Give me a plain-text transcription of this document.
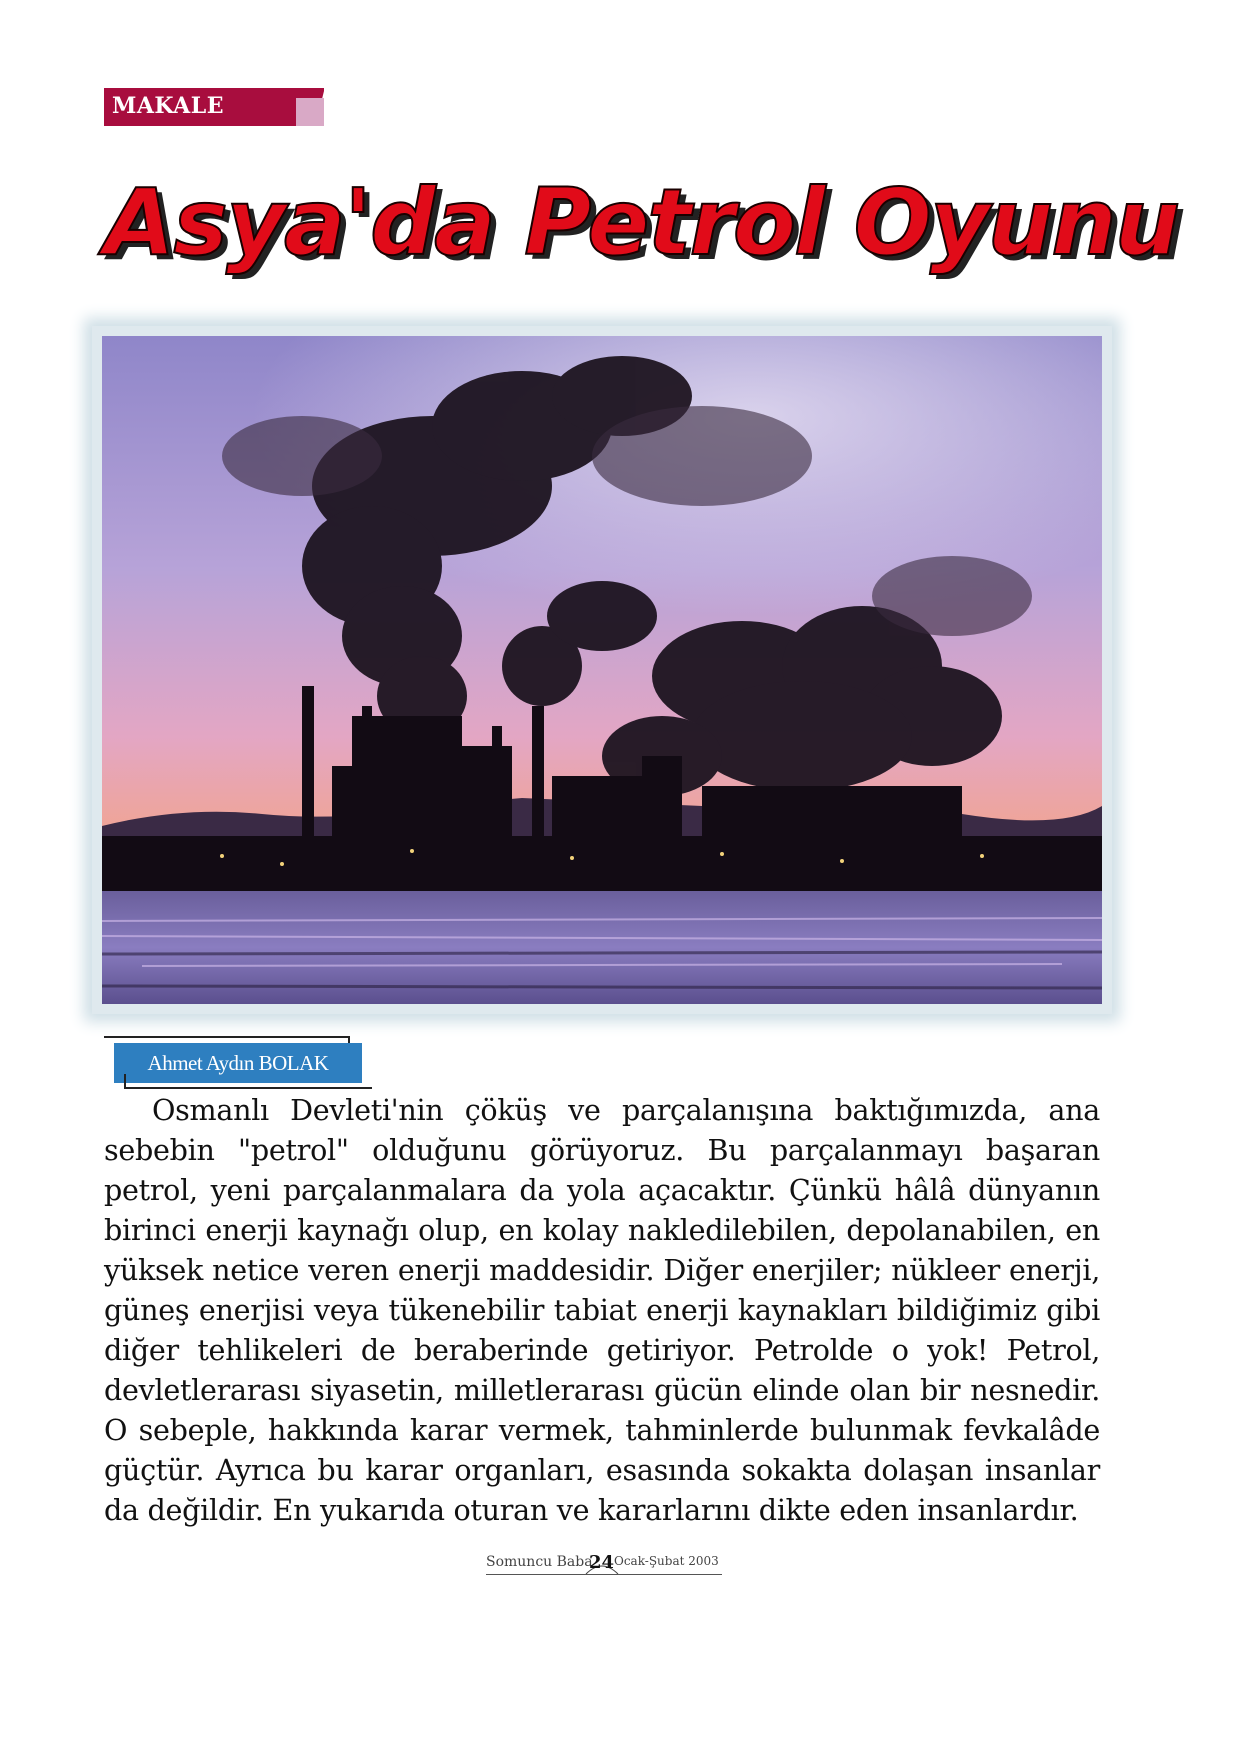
MAKALE
Asya'da Petrol Oyunu
Ahmet Aydın BOLAK

Osmanlı Devleti'nin çöküş ve parçalanışına baktığımızda, ana sebebin "petrol" olduğunu görüyoruz. Bu parçalanmayı başaran petrol, yeni parçalanmalara da yola açacaktır. Çünkü hâlâ dünyanın birinci enerji kaynağı olup, en kolay nakledilebilen, depolanabilen, en yüksek netice veren enerji maddesidir. Diğer enerjiler; nükleer enerji, güneş enerjisi veya tükenebilir tabiat enerji kaynakları bildiğimiz gibi diğer tehlikeleri de beraberinde getiriyor. Petrolde o yok! Petrol, devletlerarası siyasetin, milletlerarası gücün elinde olan bir nesnedir. O sebeple, hakkında karar vermek, tahminlerde bulunmak fevkalâde güçtür. Ayrıca bu karar organları, esasında sokakta dolaşan insanlar da değildir. En yukarıda oturan ve kararlarını dikte eden insanlardır.

Somuncu Baba
24 Ocak-Şubat 2003
